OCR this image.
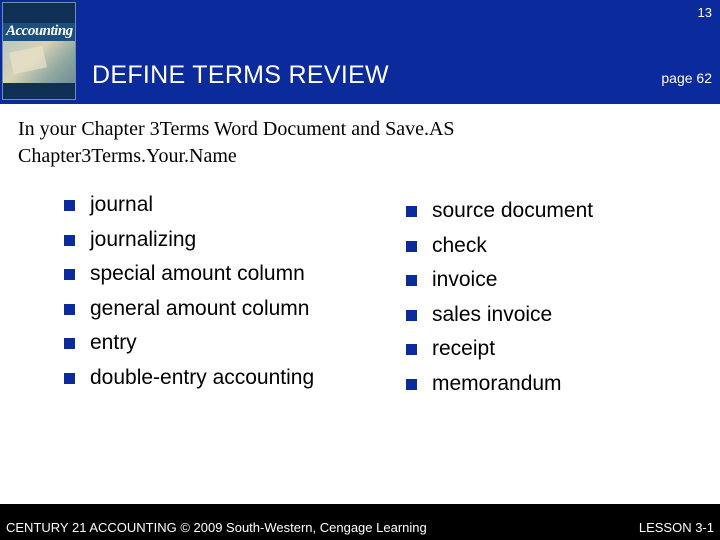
Accounting
13
DEFINE TERMS REVIEW	page 62
In your Chapter 3Terms Word Document and Save.AS Chapter3Terms.Your.Name
journal
journalizing
special amount column
general amount column
entry
double-entry accounting
source document
check
invoice
sales invoice
receipt
memorandum
CENTURY 21 ACCOUNTING © 2009 South-Western, Cengage Learning	LESSON 3-1
